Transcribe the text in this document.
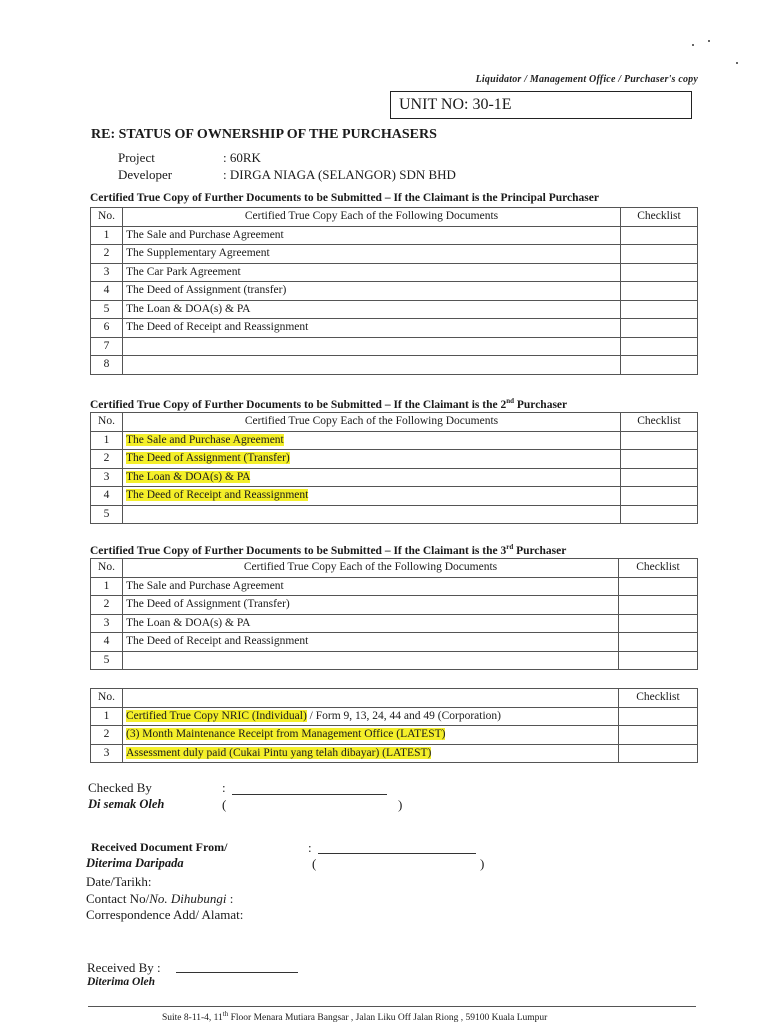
Liquidator / Management Office / Purchaser's copy
UNIT NO: 30-1E
RE: STATUS OF OWNERSHIP OF THE PURCHASERS
Project	: 60RK
Developer	: DIRGA NIAGA (SELANGOR) SDN BHD
Certified True Copy of Further Documents to be Submitted – If the Claimant is the Principal Purchaser
No.	Certified True Copy Each of the Following Documents	Checklist
1	The Sale and Purchase Agreement	
2	The Supplementary Agreement	
3	The Car Park Agreement	
4	The Deed of Assignment (transfer)	
5	The Loan & DOA(s) & PA	
6	The Deed of Receipt and Reassignment	
7		
8		
Certified True Copy of Further Documents to be Submitted – If the Claimant is the 2nd Purchaser
No.	Certified True Copy Each of the Following Documents	Checklist
1	The Sale and Purchase Agreement	
2	The Deed of Assignment (Transfer)	
3	The Loan & DOA(s) & PA	
4	The Deed of Receipt and Reassignment	
5		
Certified True Copy of Further Documents to be Submitted – If the Claimant is the 3rd Purchaser
No.	Certified True Copy Each of the Following Documents	Checklist
1	The Sale and Purchase Agreement	
2	The Deed of Assignment (Transfer)	
3	The Loan & DOA(s) & PA	
4	The Deed of Receipt and Reassignment	
5		
No.		Checklist
1	Certified True Copy NRIC (Individual) / Form 9, 13, 24, 44 and 49 (Corporation)	
2	(3) Month Maintenance Receipt from Management Office (LATEST)	
3	Assessment duly paid (Cukai Pintu yang telah dibayar) (LATEST)	
Checked By	:
Di semak Oleh	(	)
Received Document From/	:
Diterima Daripada	(	)
Date/Tarikh:
Contact No/No. Dihubungi :
Correspondence Add/ Alamat:
Received By :
Diterima Oleh
Suite 8-11-4, 11th Floor Menara Mutiara Bangsar , Jalan Liku Off Jalan Riong , 59100 Kuala Lumpur
